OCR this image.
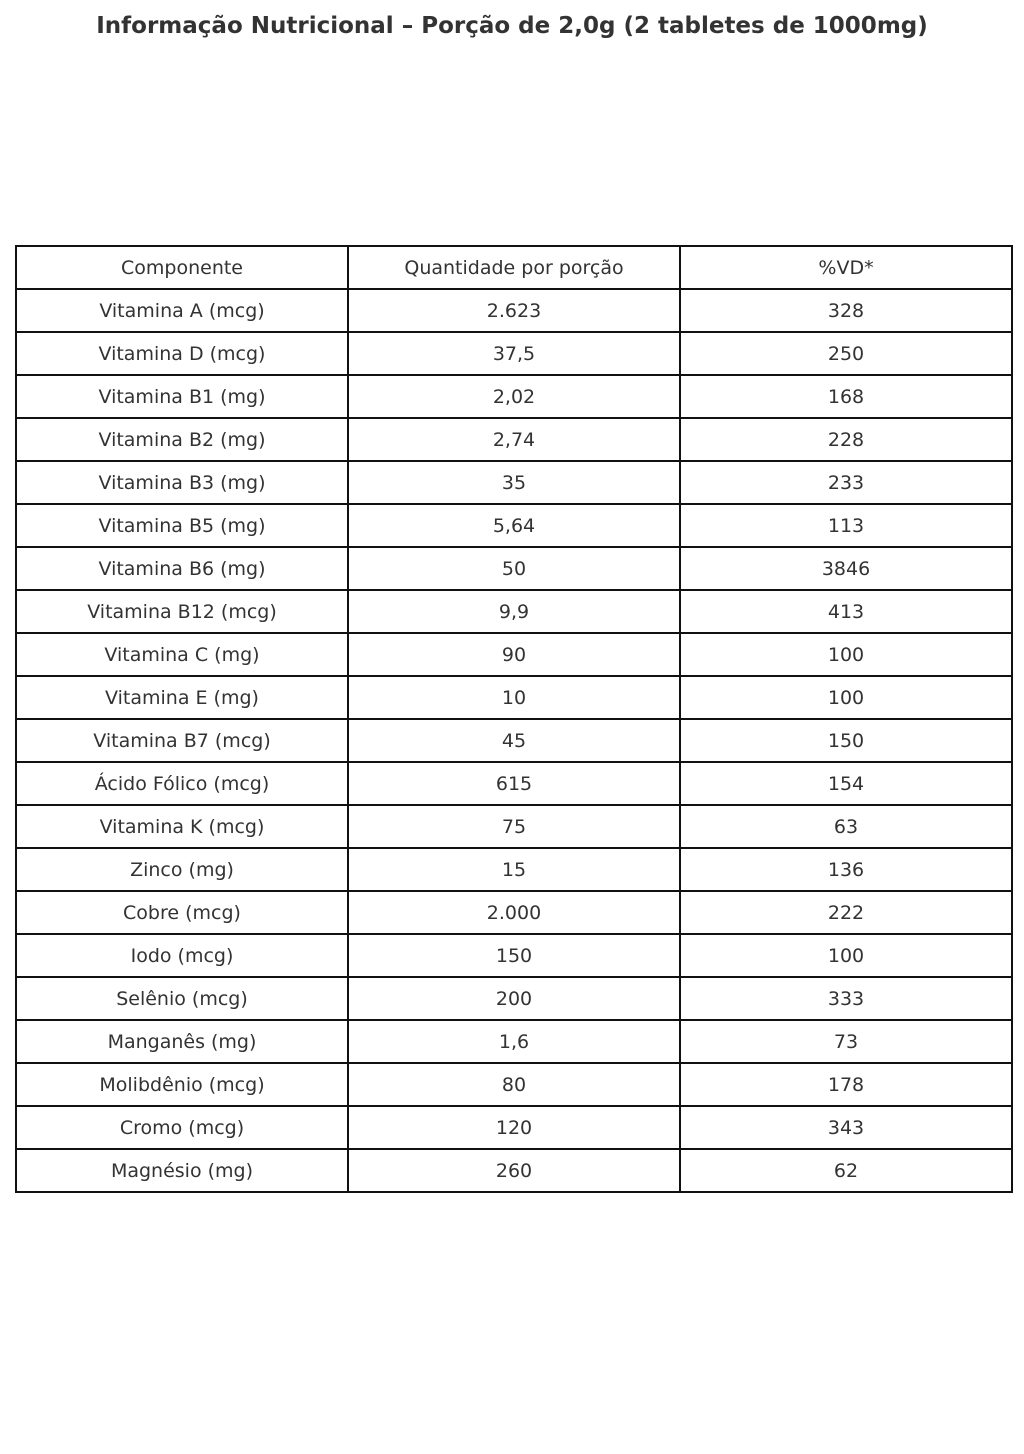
Informação Nutricional – Porção de 2,0g (2 tabletes de 1000mg)
Componente	Quantidade por porção	%VD*
Vitamina A (mcg)	2.623	328
Vitamina D (mcg)	37,5	250
Vitamina B1 (mg)	2,02	168
Vitamina B2 (mg)	2,74	228
Vitamina B3 (mg)	35	233
Vitamina B5 (mg)	5,64	113
Vitamina B6 (mg)	50	3846
Vitamina B12 (mcg)	9,9	413
Vitamina C (mg)	90	100
Vitamina E (mg)	10	100
Vitamina B7 (mcg)	45	150
Ácido Fólico (mcg)	615	154
Vitamina K (mcg)	75	63
Zinco (mg)	15	136
Cobre (mcg)	2.000	222
Iodo (mcg)	150	100
Selênio (mcg)	200	333
Manganês (mg)	1,6	73
Molibdênio (mcg)	80	178
Cromo (mcg)	120	343
Magnésio (mg)	260	62
